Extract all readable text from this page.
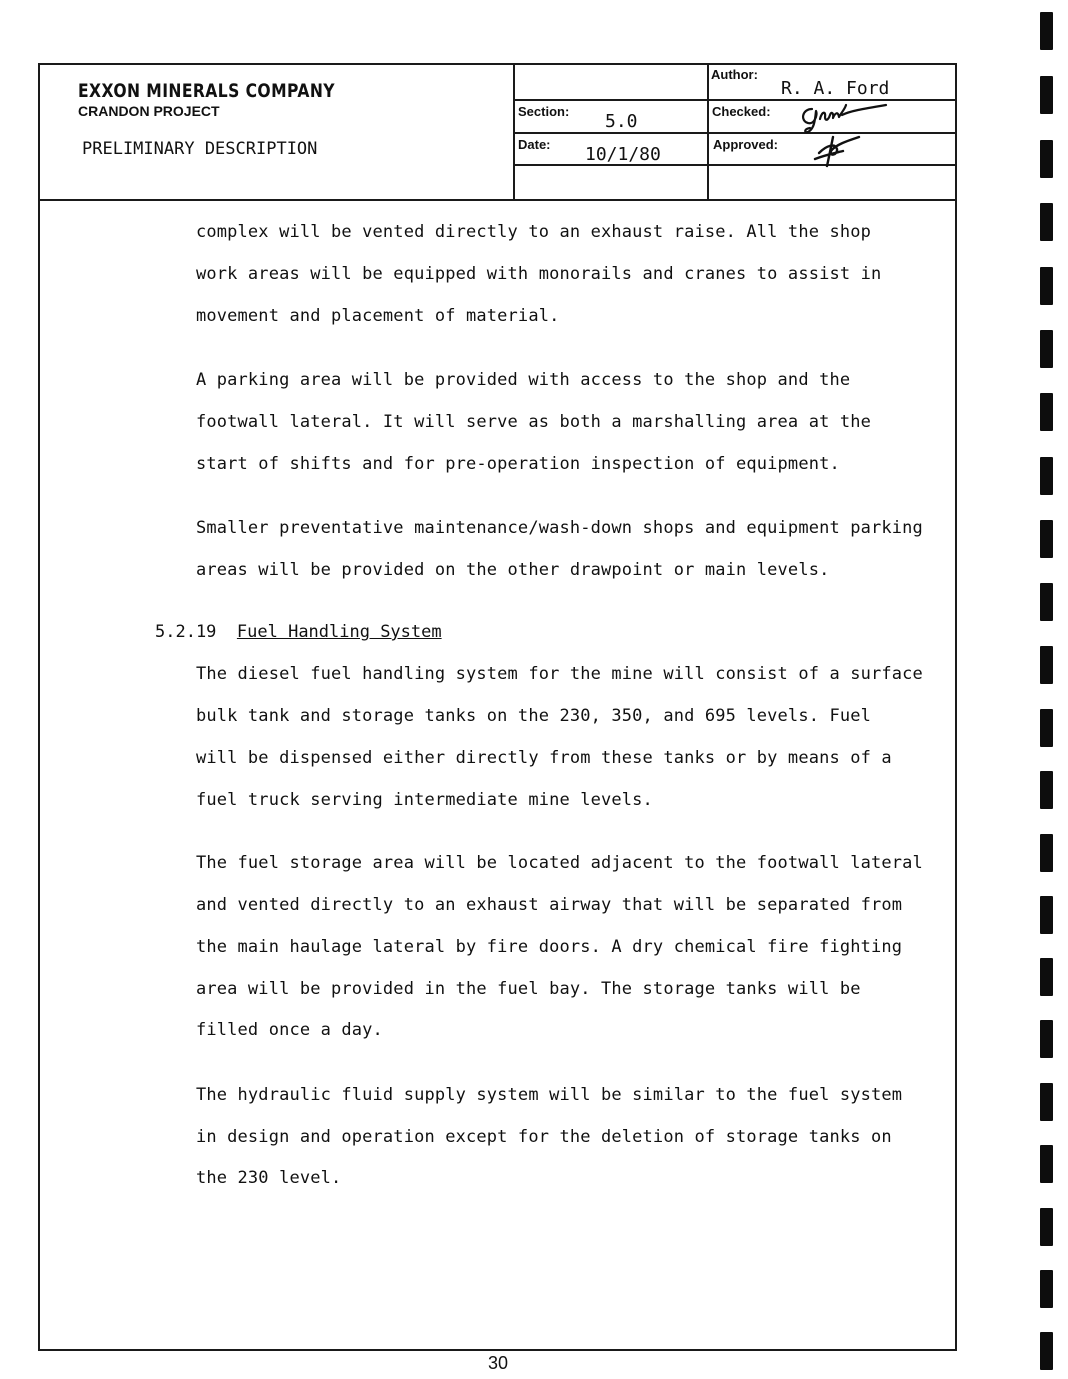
EXXON MINERALS COMPANY
CRANDON PROJECT
PRELIMINARY DESCRIPTION
Author:
R. A. Ford
Section: 5.0	Checked:
Date: 10/1/80	Approved:
complex will be vented directly to an exhaust raise. All the shop
work areas will be equipped with monorails and cranes to assist in
movement and placement of material.
A parking area will be provided with access to the shop and the
footwall lateral. It will serve as both a marshalling area at the
start of shifts and for pre-operation inspection of equipment.
Smaller preventative maintenance/wash-down shops and equipment parking
areas will be provided on the other drawpoint or main levels.
5.2.19 Fuel Handling System
The diesel fuel handling system for the mine will consist of a surface
bulk tank and storage tanks on the 230, 350, and 695 levels. Fuel
will be dispensed either directly from these tanks or by means of a
fuel truck serving intermediate mine levels.
The fuel storage area will be located adjacent to the footwall lateral
and vented directly to an exhaust airway that will be separated from
the main haulage lateral by fire doors. A dry chemical fire fighting
area will be provided in the fuel bay. The storage tanks will be
filled once a day.
The hydraulic fluid supply system will be similar to the fuel system
in design and operation except for the deletion of storage tanks on
the 230 level.
30
